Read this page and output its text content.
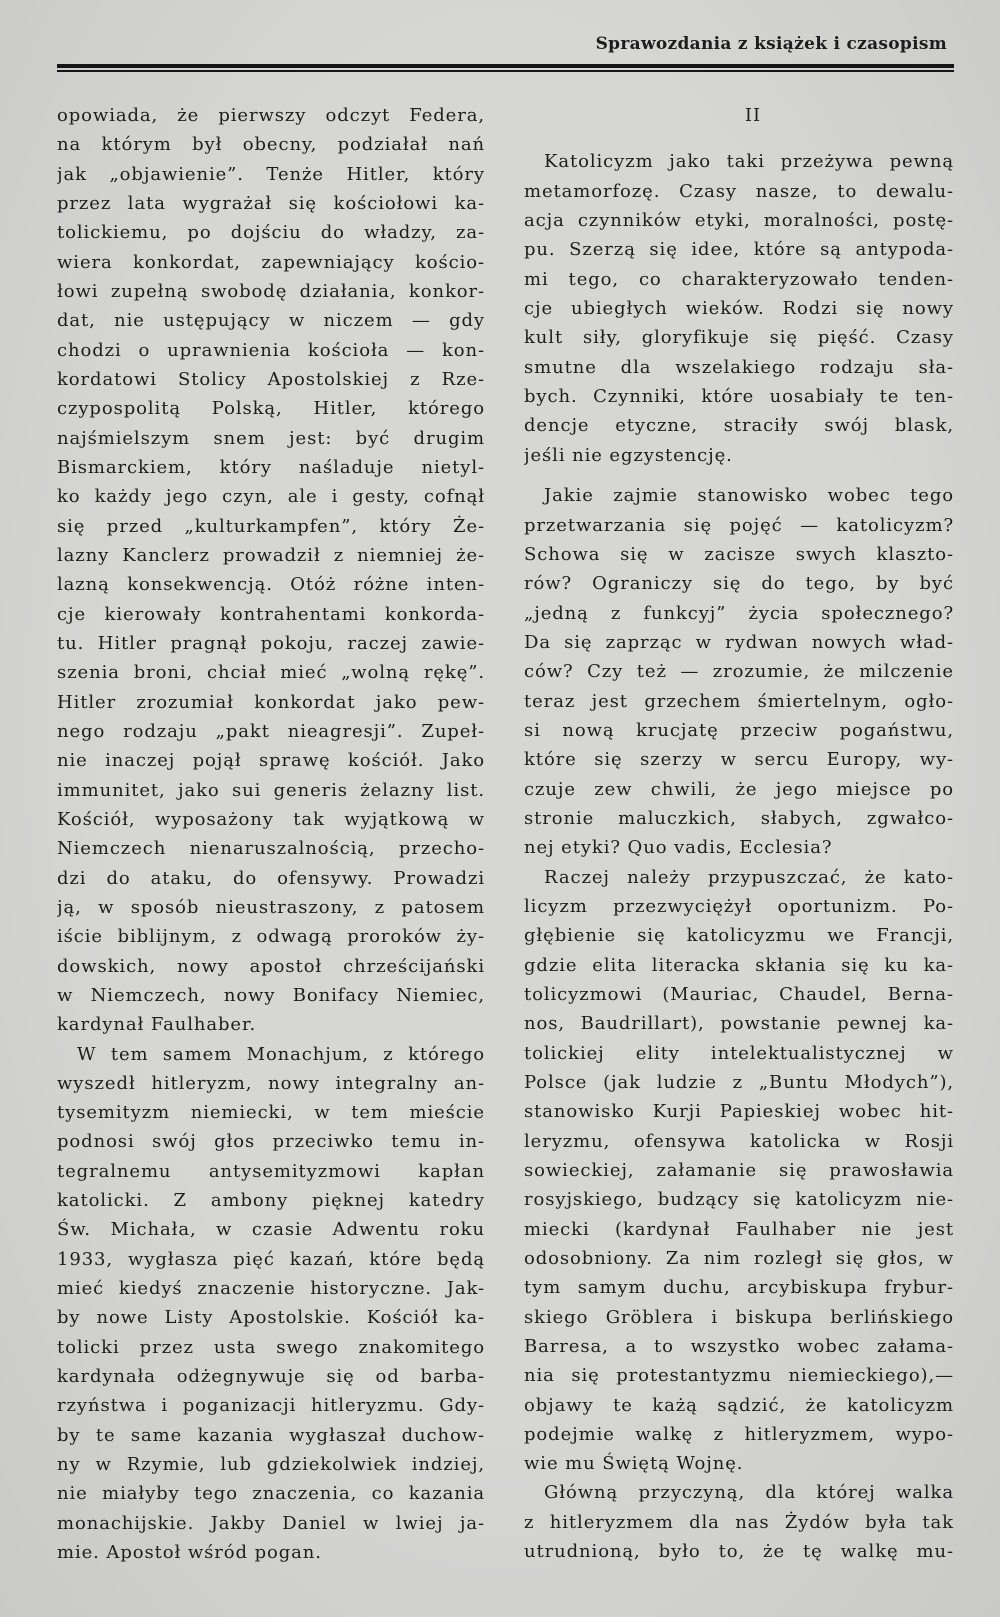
Sprawozdania z książek i czasopism
opowiada, że pierwszy odczyt Federa,
na którym był obecny, podziałał nań
jak „objawienie”. Tenże Hitler, który
przez lata wygrażał się kościołowi ka-
tolickiemu, po dojściu do władzy, za-
wiera konkordat, zapewniający kościo-
łowi zupełną swobodę działania, konkor-
dat, nie ustępujący w niczem — gdy
chodzi o uprawnienia kościoła — kon-
kordatowi Stolicy Apostolskiej z Rze-
czypospolitą Polską, Hitler, którego
najśmielszym snem jest: być drugim
Bismarckiem, który naśladuje nietyl-
ko każdy jego czyn, ale i gesty, cofnął
się przed „kulturkampfen”, który Że-
lazny Kanclerz prowadził z niemniej że-
lazną konsekwencją. Otóż różne inten-
cje kierowały kontrahentami konkorda-
tu. Hitler pragnął pokoju, raczej zawie-
szenia broni, chciał mieć „wolną rękę”.
Hitler zrozumiał konkordat jako pew-
nego rodzaju „pakt nieagresji”. Zupeł-
nie inaczej pojął sprawę kościół. Jako
immunitet, jako sui generis żelazny list.
Kościół, wyposażony tak wyjątkową w
Niemczech nienaruszalnością, przecho-
dzi do ataku, do ofensywy. Prowadzi
ją, w sposób nieustraszony, z patosem
iście biblijnym, z odwagą proroków ży-
dowskich, nowy apostoł chrześcijański
w Niemczech, nowy Bonifacy Niemiec,
kardynał Faulhaber.
W tem samem Monachjum, z którego
wyszedł hitleryzm, nowy integralny an-
tysemityzm niemiecki, w tem mieście
podnosi swój głos przeciwko temu in-
tegralnemu antysemityzmowi kapłan
katolicki. Z ambony pięknej katedry
Św. Michała, w czasie Adwentu roku
1933, wygłasza pięć kazań, które będą
mieć kiedyś znaczenie historyczne. Jak-
by nowe Listy Apostolskie. Kościół ka-
tolicki przez usta swego znakomitego
kardynała odżegnywuje się od barba-
rzyństwa i poganizacji hitleryzmu. Gdy-
by te same kazania wygłaszał duchow-
ny w Rzymie, lub gdziekolwiek indziej,
nie miałyby tego znaczenia, co kazania
monachijskie. Jakby Daniel w lwiej ja-
mie. Apostoł wśród pogan.
II
Katolicyzm jako taki przeżywa pewną
metamorfozę. Czasy nasze, to dewalu-
acja czynników etyki, moralności, postę-
pu. Szerzą się idee, które są antypoda-
mi tego, co charakteryzowało tenden-
cje ubiegłych wieków. Rodzi się nowy
kult siły, gloryfikuje się pięść. Czasy
smutne dla wszelakiego rodzaju sła-
bych. Czynniki, które uosabiały te ten-
dencje etyczne, straciły swój blask,
jeśli nie egzystencję.
Jakie zajmie stanowisko wobec tego
przetwarzania się pojęć — katolicyzm?
Schowa się w zacisze swych klaszto-
rów? Ograniczy się do tego, by być
„jedną z funkcyj” życia społecznego?
Da się zaprząc w rydwan nowych wład-
ców? Czy też — zrozumie, że milczenie
teraz jest grzechem śmiertelnym, ogło-
si nową krucjatę przeciw pogaństwu,
które się szerzy w sercu Europy, wy-
czuje zew chwili, że jego miejsce po
stronie maluczkich, słabych, zgwałco-
nej etyki? Quo vadis, Ecclesia?
Raczej należy przypuszczać, że kato-
licyzm przezwyciężył oportunizm. Po-
głębienie się katolicyzmu we Francji,
gdzie elita literacka skłania się ku ka-
tolicyzmowi (Mauriac, Chaudel, Berna-
nos, Baudrillart), powstanie pewnej ka-
tolickiej elity intelektualistycznej w
Polsce (jak ludzie z „Buntu Młodych”),
stanowisko Kurji Papieskiej wobec hit-
leryzmu, ofensywa katolicka w Rosji
sowieckiej, załamanie się prawosławia
rosyjskiego, budzący się katolicyzm nie-
miecki (kardynał Faulhaber nie jest
odosobniony. Za nim rozległ się głos, w
tym samym duchu, arcybiskupa frybur-
skiego Gröblera i biskupa berlińskiego
Barresa, a to wszystko wobec załama-
nia się protestantyzmu niemieckiego),—
objawy te każą sądzić, że katolicyzm
podejmie walkę z hitleryzmem, wypo-
wie mu Świętą Wojnę.
Główną przyczyną, dla której walka
z hitleryzmem dla nas Żydów była tak
utrudnioną, było to, że tę walkę mu-
